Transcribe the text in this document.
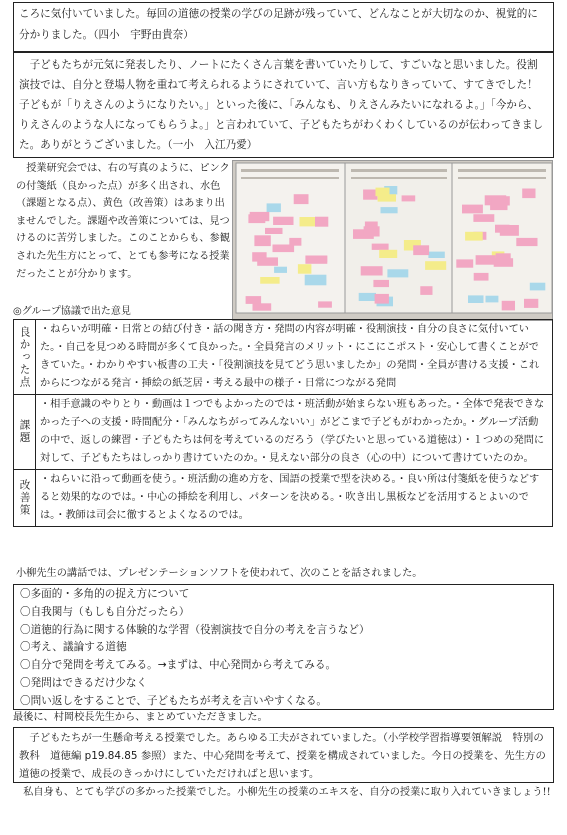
ころに気付いていました。毎回の道徳の授業の学びの足跡が残っていて、どんなことが大切なのか、視覚的に分かりました。（四小　宇野由貴奈）

子どもたちが元気に発表したり、ノートにたくさん言葉を書いていたりして、すごいなと思いました。役割演技では、自分と登場人物を重ねて考えられるようにされていて、言い方もなりきっていて、すてきでした！子どもが「りえさんのようになりたい。」といった後に、「みんなも、りえさんみたいになれるよ。」「今から、りえさんのような人になってもらうよ。」と言われていて、子どもたちがわくわくしているのが伝わってきました。ありがとうございました。（一小　入江乃愛）

授業研究会では、右の写真のように、ピンクの付箋紙（良かった点）が多く出され、水色（課題となる点）、黄色（改善策）はあまり出ませんでした。課題や改善策については、見つけるのに苦労しました。このことからも、参観された先生方にとって、とても参考になる授業だったことが分かります。

◎グループ協議で出た意見
良かった点	・ねらいが明確・日常との結び付き・話の聞き方・発問の内容が明確・役割演技・自分の良さに気付いていた。・自己を見つめる時間が多くて良かった。・全員発言のメリット・にこにこポスト・安心して書くことができていた。・わかりやすい板書の工夫・「役割演技を見てどう思いましたか」の発問・全員が書ける支援・これからにつながる発言・挿絵の紙芝居・考える最中の様子・日常につながる発問
課題	・相手意識のやりとり・動画は１つでもよかったのでは・班活動が始まらない班もあった。・全体で発表できなかった子への支援・時間配分・「みんなちがってみんないい」がどこまで子どもがわかったか。・グループ活動の中で、返しの練習・子どもたちは何を考えているのだろう（学びたいと思っている道徳は）・１つめの発問に対して、子どもたちはしっかり書けていたのか。・見えない部分の良さ（心の中）について書けていたのか。
改善策	・ねらいに沿って動画を使う。・班活動の進め方を、国語の授業で型を決める。・良い所は付箋紙を使うなどすると効果的なのでは。・中心の挿絵を利用し、パターンを決める。・吹き出し黒板などを活用するとよいのでは。・教師は司会に徹するとよくなるのでは。

小柳先生の講話では、プレゼンテーションソフトを使われて、次のことを話されました。

〇多面的・多角的の捉え方について
〇自我関与（もしも自分だったら）
〇道徳的行為に関する体験的な学習（役割演技で自分の考えを言うなど）
〇考え、議論する道徳
〇自分で発問を考えてみる。→まずは、中心発問から考えてみる。
〇発問はできるだけ少なく
〇問い返しをすることで、子どもたちが考えを言いやすくなる。

最後に、村岡校長先生から、まとめていただきました。

子どもたちが一生懸命考える授業でした。あらゆる工夫がされていました。（小学校学習指導要領解説　特別の教科　道徳編 p19.84.85 参照）また、中心発問を考えて、授業を構成されていました。今日の授業を、先生方の道徳の授業で、成長のきっかけにしていただければと思います。

私自身も、とても学びの多かった授業でした。小柳先生の授業のエキスを、自分の授業に取り入れていきましょう!!
